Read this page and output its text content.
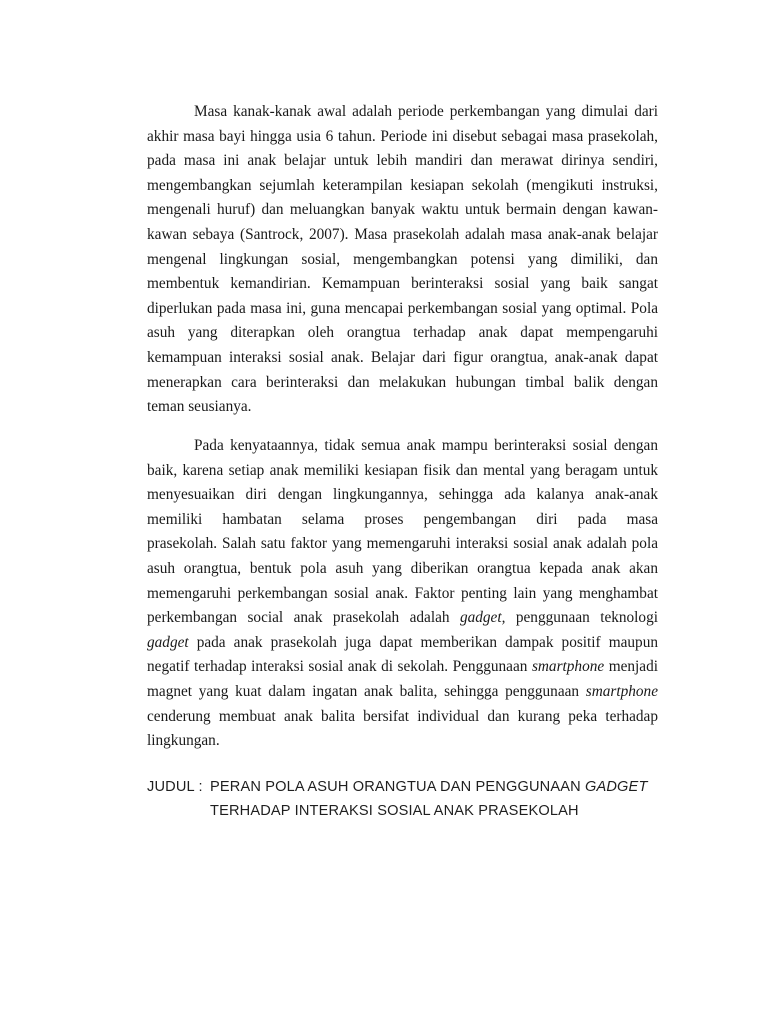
Masa kanak-kanak awal adalah periode perkembangan yang dimulai dari
akhir masa bayi hingga usia 6 tahun. Periode ini disebut sebagai masa prasekolah,
pada masa ini anak belajar untuk lebih mandiri dan merawat dirinya sendiri,
mengembangkan sejumlah keterampilan kesiapan sekolah (mengikuti instruksi,
mengenali huruf) dan meluangkan banyak waktu untuk bermain dengan kawan-
kawan sebaya (Santrock, 2007). Masa prasekolah adalah masa anak-anak belajar
mengenal lingkungan sosial, mengembangkan potensi yang dimiliki, dan
membentuk kemandirian. Kemampuan berinteraksi sosial yang baik sangat
diperlukan pada masa ini, guna mencapai perkembangan sosial yang optimal. Pola
asuh yang diterapkan oleh orangtua terhadap anak dapat mempengaruhi
kemampuan interaksi sosial anak. Belajar dari figur orangtua, anak-anak dapat
menerapkan cara berinteraksi dan melakukan hubungan timbal balik dengan
teman seusianya.
Pada kenyataannya, tidak semua anak mampu berinteraksi sosial dengan
baik, karena setiap anak memiliki kesiapan fisik dan mental yang beragam untuk
menyesuaikan diri dengan lingkungannya, sehingga ada kalanya anak-anak
memiliki hambatan selama proses pengembangan diri pada masa
prasekolah. Salah satu faktor yang memengaruhi interaksi sosial anak adalah pola
asuh orangtua, bentuk pola asuh yang diberikan orangtua kepada anak akan
memengaruhi perkembangan sosial anak. Faktor penting lain yang menghambat
perkembangan social anak prasekolah adalah gadget, penggunaan teknologi
gadget pada anak prasekolah juga dapat memberikan dampak positif maupun
negatif terhadap interaksi sosial anak di sekolah. Penggunaan smartphone menjadi
magnet yang kuat dalam ingatan anak balita, sehingga penggunaan smartphone
cenderung membuat anak balita bersifat individual dan kurang peka terhadap
lingkungan.
JUDUL : PERAN POLA ASUH ORANGTUA DAN PENGGUNAAN GADGET
TERHADAP INTERAKSI SOSIAL ANAK PRASEKOLAH
